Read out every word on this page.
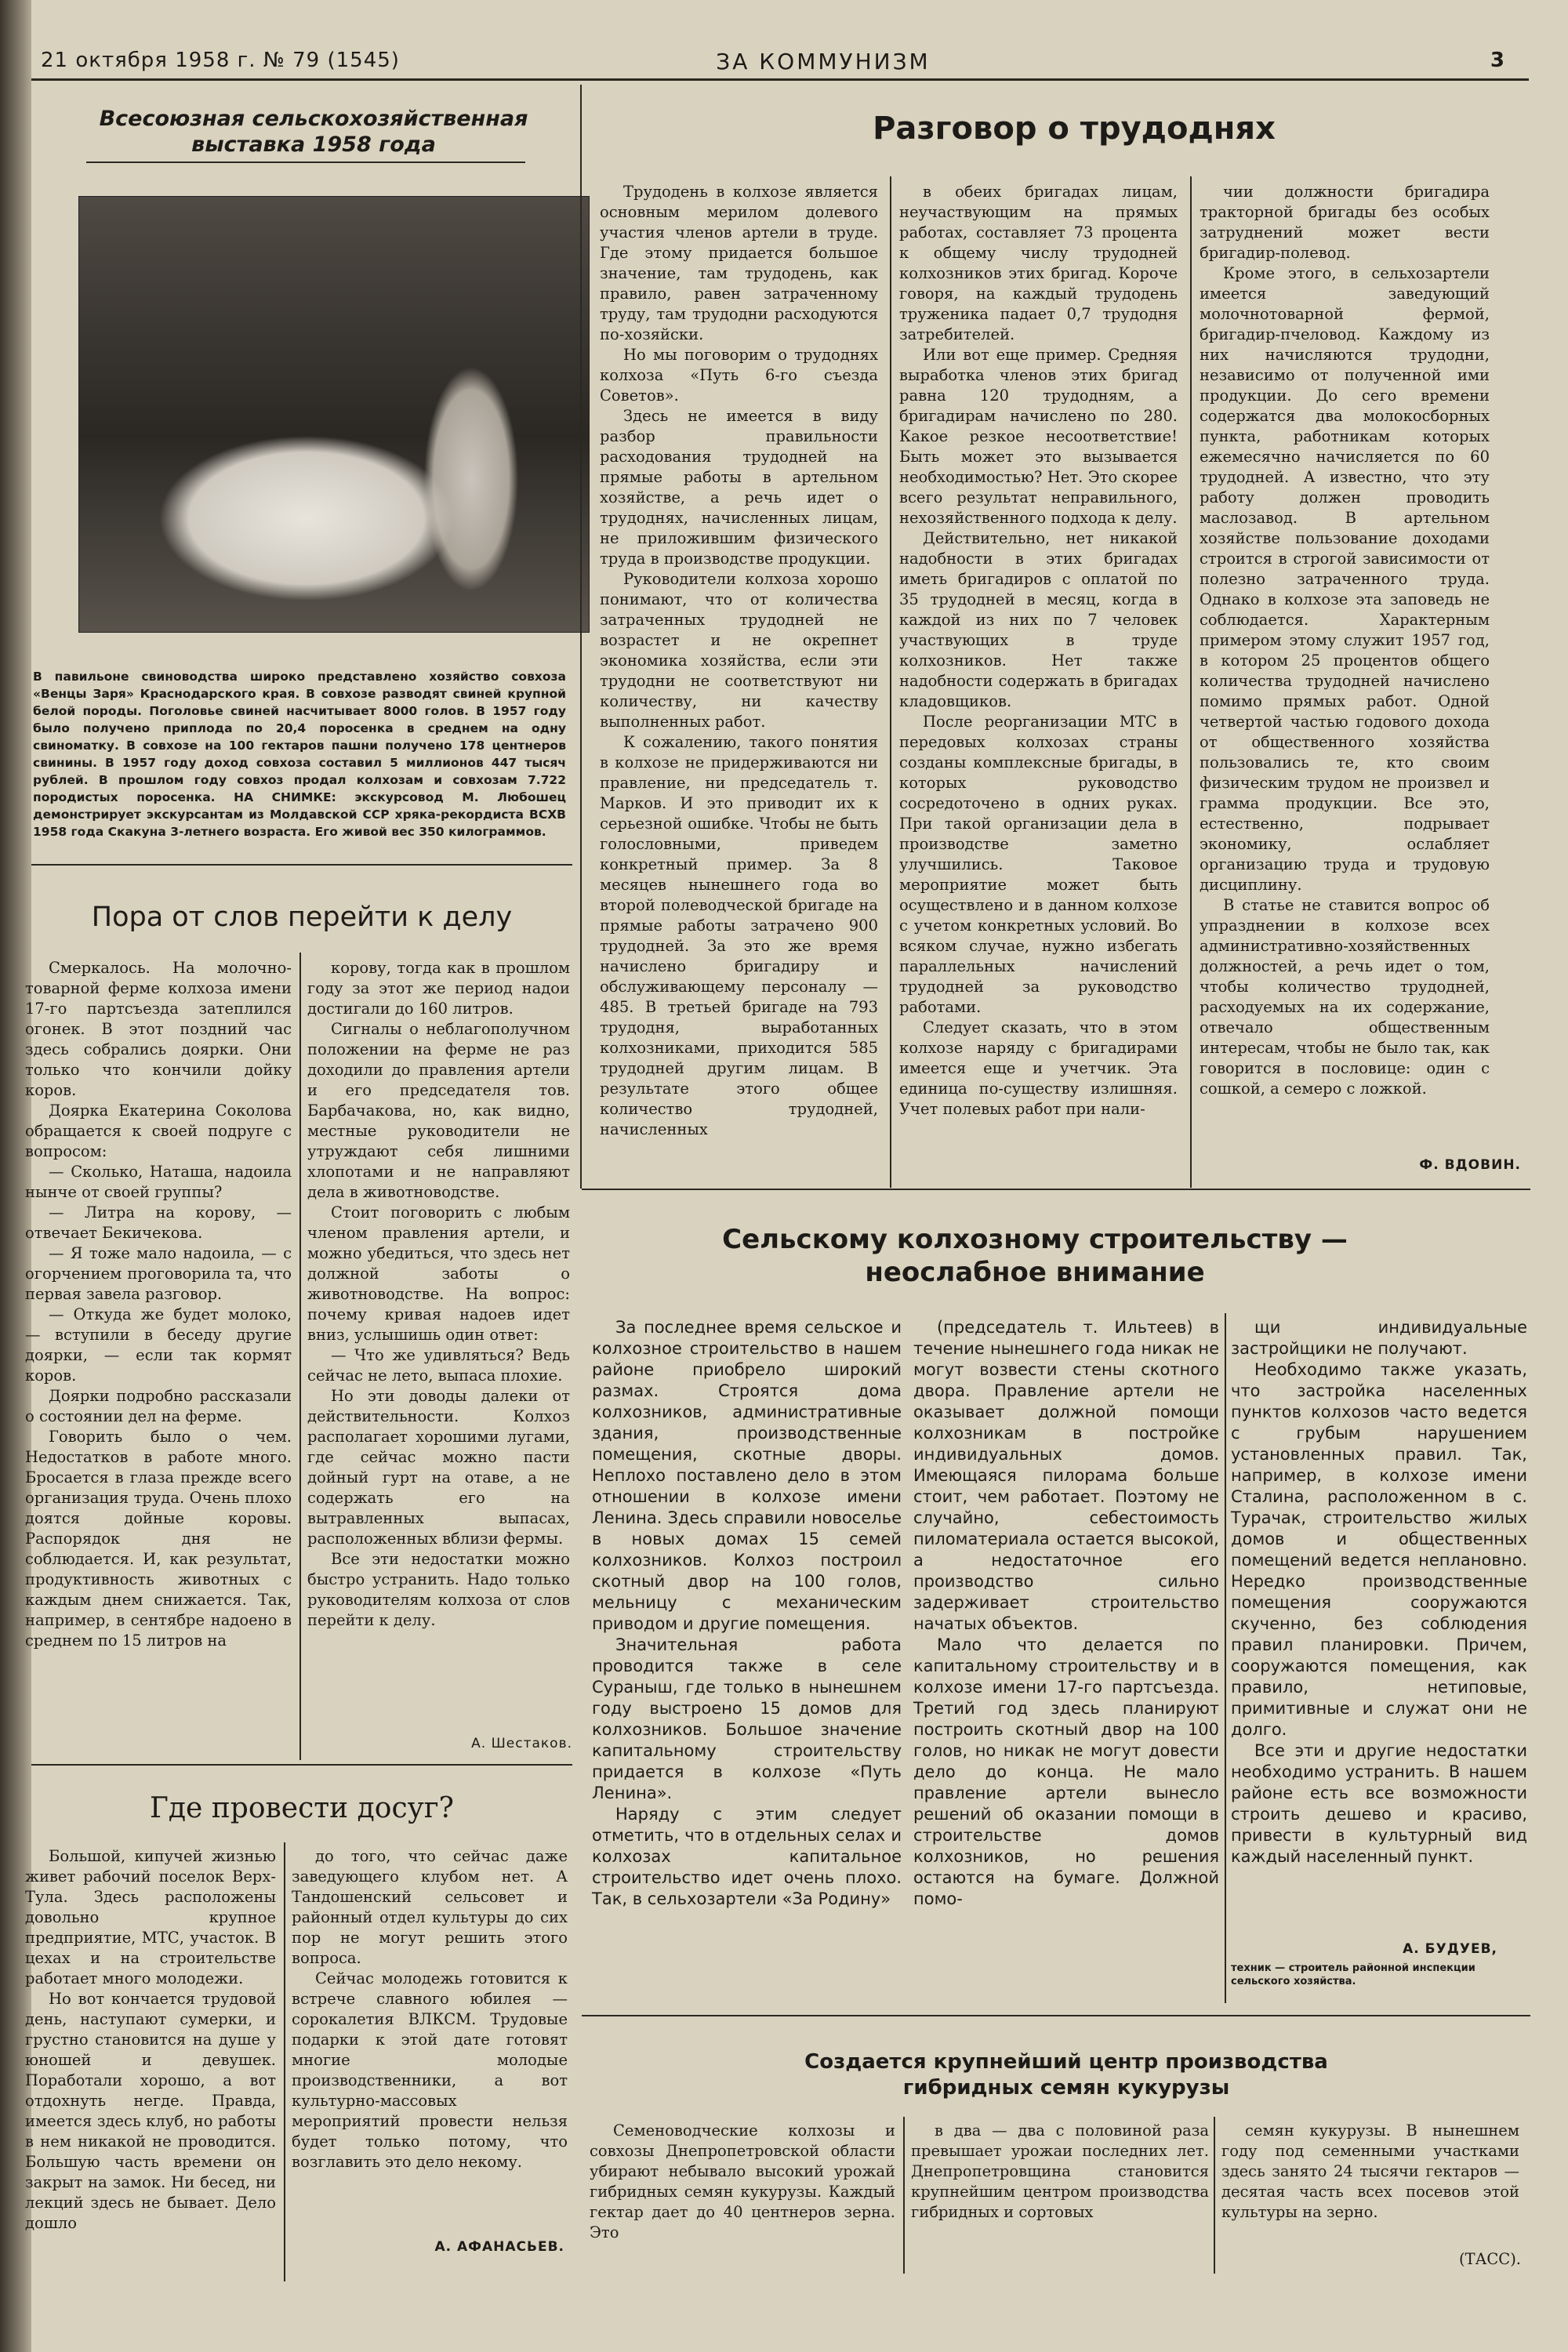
21 октября 1958 г. № 79 (1545)	ЗА КОММУНИЗМ	3
Всесоюзная сельскохозяйственная
выставка 1958 года
В павильоне свиноводства широко представлено хозяйство совхоза «Венцы Заря» Краснодарского края. В совхозе разводят свиней крупной белой породы. Поголовье свиней насчитывает 8000 голов. В 1957 году было получено приплода по 20,4 поросенка в среднем на одну свиноматку. В совхозе на 100 гектаров пашни получено 178 центнеров свинины. В 1957 году доход совхоза составил 5 миллионов 447 тысяч рублей. В прошлом году совхоз продал колхозам и совхозам 7.722 породистых поросенка. НА СНИМКЕ: экскурсовод М. Любошец демонстрирует экскурсантам из Молдавской ССР хряка-рекордиста ВСХВ 1958 года Скакуна 3-летнего возраста. Его живой вес 350 килограммов.
Разговор о трудоднях

Трудодень в колхозе является основным мерилом долевого участия членов артели в труде. Где этому придается большое значение, там трудодень, как правило, равен затраченному труду, там трудодни расходуются по-хозяйски.

Но мы поговорим о трудоднях колхоза «Путь 6-го съезда Советов».

Здесь не имеется в виду разбор правильности расходования трудодней на прямые работы в артельном хозяйстве, а речь идет о трудоднях, начисленных лицам, не приложившим физического труда в производстве продукции.

Руководители колхоза хорошо понимают, что от количества затраченных трудодней не возрастет и не окрепнет экономика хозяйства, если эти трудодни не соответствуют ни количеству, ни качеству выполненных работ.

К сожалению, такого понятия в колхозе не придерживаются ни правление, ни председатель т. Марков. И это приводит их к серьезной ошибке. Чтобы не быть голословными, приведем конкретный пример. За 8 месяцев нынешнего года во второй полеводческой бригаде на прямые работы затрачено 900 трудодней. За это же время начислено бригадиру и обслуживающему персоналу — 485. В третьей бригаде на 793 трудодня, выработанных колхозниками, приходится 585 трудодней другим лицам. В результате этого общее количество трудодней, начисленных

в обеих бригадах лицам, неучаствующим на прямых работах, составляет 73 процента к общему числу трудодней колхозников этих бригад. Короче говоря, на каждый трудодень труженика падает 0,7 трудодня затребителей.

Или вот еще пример. Средняя выработка членов этих бригад равна 120 трудодням, а бригадирам начислено по 280. Какое резкое несоответствие! Быть может это вызывается необходимостью? Нет. Это скорее всего результат неправильного, нехозяйственного подхода к делу.

Действительно, нет никакой надобности в этих бригадах иметь бригадиров с оплатой по 35 трудодней в месяц, когда в каждой из них по 7 человек участвующих в труде колхозников. Нет также надобности содержать в бригадах кладовщиков.

После реорганизации МТС в передовых колхозах страны созданы комплексные бригады, в которых руководство сосредоточено в одних руках. При такой организации дела в производстве заметно улучшились. Таковое мероприятие может быть осуществлено и в данном колхозе с учетом конкретных условий. Во всяком случае, нужно избегать параллельных начислений трудодней за руководство работами.

Следует сказать, что в этом колхозе наряду с бригадирами имеется еще и учетчик. Эта единица по-существу излишняя. Учет полевых работ при нали-

чии должности бригадира тракторной бригады без особых затруднений может вести бригадир-полевод.

Кроме этого, в сельхозартели имеется заведующий молочнотоварной фермой, бригадир-пчеловод. Каждому из них начисляются трудодни, независимо от полученной ими продукции. До сего времени содержатся два молокосборных пункта, работникам которых ежемесячно начисляется по 60 трудодней. А известно, что эту работу должен проводить маслозавод. В артельном хозяйстве пользование доходами строится в строгой зависимости от полезно затраченного труда. Однако в колхозе эта заповедь не соблюдается. Характерным примером этому служит 1957 год, в котором 25 процентов общего количества трудодней начислено помимо прямых работ. Одной четвертой частью годового дохода от общественного хозяйства пользовались те, кто своим физическим трудом не произвел и грамма продукции. Все это, естественно, подрывает экономику, ослабляет организацию труда и трудовую дисциплину.

В статье не ставится вопрос об упразднении в колхозе всех административно-хозяйственных должностей, а речь идет о том, чтобы количество трудодней, расходуемых на их содержание, отвечало общественным интересам, чтобы не было так, как говорится в пословице: один с сошкой, а семеро с ложкой.

Ф. ВДОВИН.
Пора от слов перейти к делу

Смеркалось. На молочно-товарной ферме колхоза имени 17-го партсъезда затеплился огонек. В этот поздний час здесь собрались доярки. Они только что кончили дойку коров.

Доярка Екатерина Соколова обращается к своей подруге с вопросом:

— Сколько, Наташа, надоила нынче от своей группы?

— Литра на корову, — отвечает Бекичекова.

— Я тоже мало надоила, — с огорчением проговорила та, что первая завела разговор.

— Откуда же будет молоко, — вступили в беседу другие доярки, — если так кормят коров.

Доярки подробно рассказали о состоянии дел на ферме.

Говорить было о чем. Недостатков в работе много. Бросается в глаза прежде всего организация труда. Очень плохо доятся дойные коровы. Распорядок дня не соблюдается. И, как результат, продуктивность животных с каждым днем снижается. Так, например, в сентябре надоено в среднем по 15 литров на

корову, тогда как в прошлом году за этот же период надои достигали до 160 литров.

Сигналы о неблагополучном положении на ферме не раз доходили до правления артели и его председателя тов. Барбачакова, но, как видно, местные руководители не утруждают себя лишними хлопотами и не направляют дела в животноводстве.

Стоит поговорить с любым членом правления артели, и можно убедиться, что здесь нет должной заботы о животноводстве. На вопрос: почему кривая надоев идет вниз, услышишь один ответ:

— Что же удивляться? Ведь сейчас не лето, выпаса плохие.

Но эти доводы далеки от действительности. Колхоз располагает хорошими лугами, где сейчас можно пасти дойный гурт на отаве, а не содержать его на вытравленных выпасах, расположенных вблизи фермы.

Все эти недостатки можно быстро устранить. Надо только руководителям колхоза от слов перейти к делу.

А. Шестаков.
Где провести досуг?

Большой, кипучей жизнью живет рабочий поселок Верх-Тула. Здесь расположены довольно крупное предприятие, МТС, участок. В цехах и на строительстве работает много молодежи.

Но вот кончается трудовой день, наступают сумерки, и грустно становится на душе у юношей и девушек. Поработали хорошо, а вот отдохнуть негде. Правда, имеется здесь клуб, но работы в нем никакой не проводится. Большую часть времени он закрыт на замок. Ни бесед, ни лекций здесь не бывает. Дело дошло

до того, что сейчас даже заведующего клубом нет. А Тандошенский сельсовет и районный отдел культуры до сих пор не могут решить этого вопроса.

Сейчас молодежь готовится к встрече славного юбилея — сорокалетия ВЛКСМ. Трудовые подарки к этой дате готовят многие молодые производственники, а вот культурно-массовых мероприятий провести нельзя будет только потому, что возглавить это дело некому.

А. АФАНАСЬЕВ.
Сельскому колхозному строительству —
неослабное внимание

За последнее время сельское и колхозное строительство в нашем районе приобрело широкий размах. Строятся дома колхозников, административные здания, производственные помещения, скотные дворы. Неплохо поставлено дело в этом отношении в колхозе имени Ленина. Здесь справили новоселье в новых домах 15 семей колхозников. Колхоз построил скотный двор на 100 голов, мельницу с механическим приводом и другие помещения.

Значительная работа проводится также в селе Сураныш, где только в нынешнем году выстроено 15 домов для колхозников. Большое значение капитальному строительству придается в колхозе «Путь Ленина».

Наряду с этим следует отметить, что в отдельных селах и колхозах капитальное строительство идет очень плохо. Так, в сельхозартели «За Родину»

(председатель т. Ильтеев) в течение нынешнего года никак не могут возвести стены скотного двора. Правление артели не оказывает должной помощи колхозникам в постройке индивидуальных домов. Имеющаяся пилорама больше стоит, чем работает. Поэтому не случайно, себестоимость пиломатериала остается высокой, а недостаточное его производство сильно задерживает строительство начатых объектов.

Мало что делается по капитальному строительству и в колхозе имени 17-го партсъезда. Третий год здесь планируют построить скотный двор на 100 голов, но никак не могут довести дело до конца. Не мало правление артели вынесло решений об оказании помощи в строительстве домов колхозников, но решения остаются на бумаге. Должной помо-

щи индивидуальные застройщики не получают.

Необходимо также указать, что застройка населенных пунктов колхозов часто ведется с грубым нарушением установленных правил. Так, например, в колхозе имени Сталина, расположенном в с. Турачак, строительство жилых домов и общественных помещений ведется неплановно. Нередко производственные помещения сооружаются скученно, без соблюдения правил планировки. Причем, сооружаются помещения, как правило, нетиповые, примитивные и служат они не долго.

Все эти и другие недостатки необходимо устранить. В нашем районе есть все возможности строить дешево и красиво, привести в культурный вид каждый населенный пункт.

А. БУДУЕВ,
техник — строитель районной инспекции сельского хозяйства.
Создается крупнейший центр производства
гибридных семян кукурузы
Семеноводческие колхозы и совхозы Днепропетровской области убирают небывало высокий урожай гибридных семян кукурузы. Каждый гектар дает до 40 центнеров зерна. Это
в два — два с половиной раза превышает урожаи последних лет. Днепропетровщина становится крупнейшим центром производства гибридных и сортовых
семян кукурузы. В нынешнем году под семенными участками здесь занято 24 тысячи гектаров — десятая часть всех посевов этой культуры на зерно.
(ТАСС).
